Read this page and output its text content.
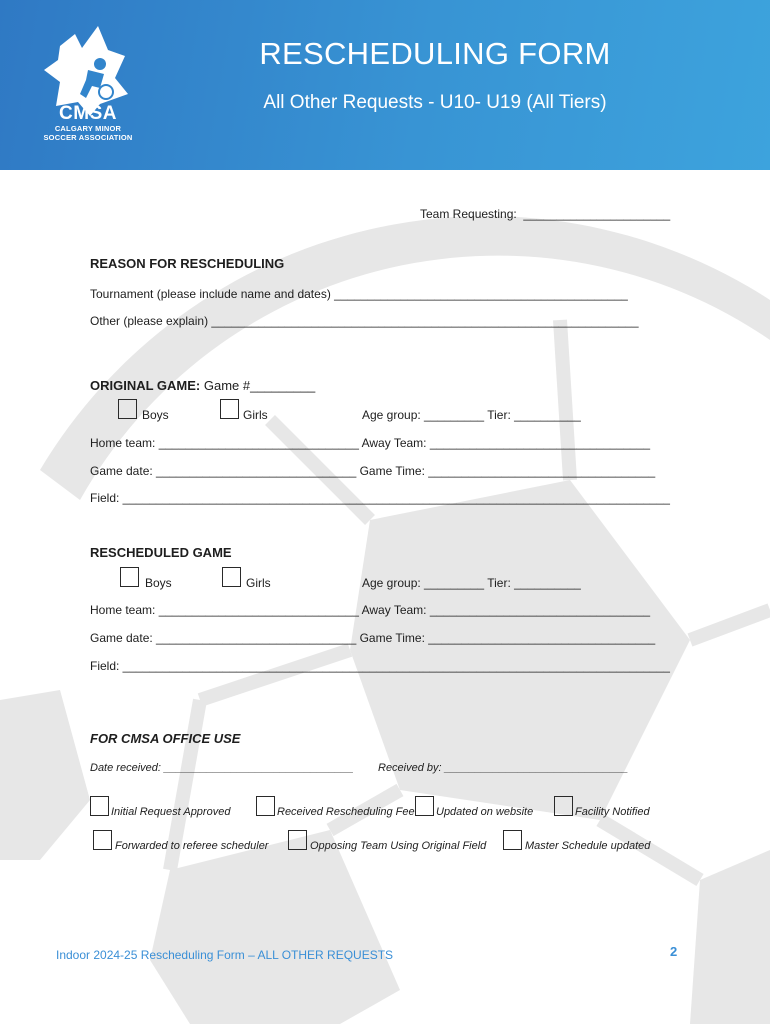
CMSA
CALGARY MINOR
SOCCER ASSOCIATION
RESCHEDULING FORM
All Other Requests - U10- U19 (All Tiers)
Team Requesting:  ______________________
REASON FOR RESCHEDULING
Tournament (please include name and dates) ____________________________________________
Other (please explain) ________________________________________________________________
ORIGINAL GAME: Game #_________
Boys	Girls	Age group: _________ Tier: __________
Home team: ______________________________ Away Team: _________________________________
Game date: ______________________________ Game Time: __________________________________
Field: __________________________________________________________________________________
RESCHEDULED GAME
Boys	Girls	Age group: _________ Tier: __________
Home team: ______________________________ Away Team: _________________________________
Game date: ______________________________ Game Time: __________________________________
Field: __________________________________________________________________________________
FOR CMSA OFFICE USE
Date received: _______________________________ Received by: ______________________________
Initial Request Approved	Received Rescheduling Fee Updated on website	Facility Notified
Forwarded to referee scheduler	Opposing Team Using Original Field	Master Schedule updated
Indoor 2024-25 Rescheduling Form – ALL OTHER REQUESTS	2
